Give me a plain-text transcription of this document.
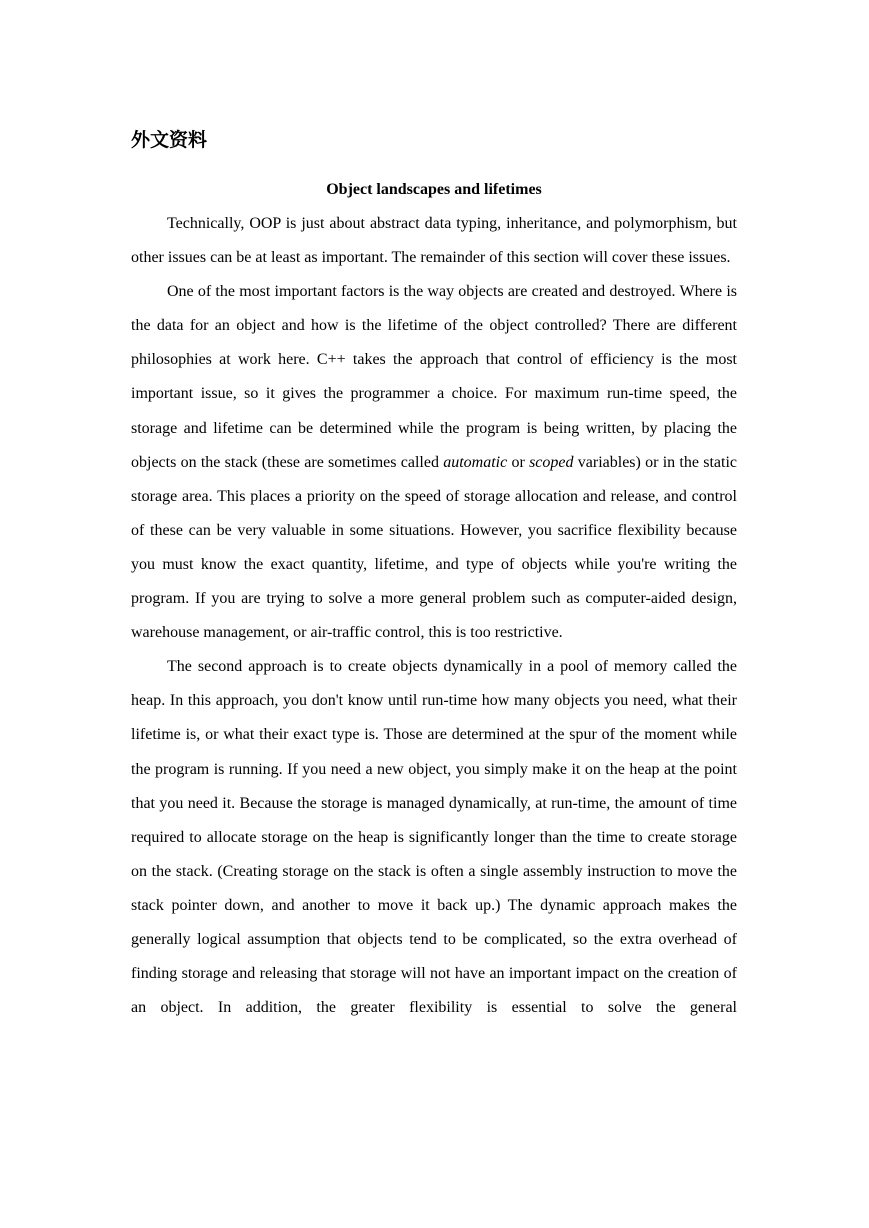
外文资料
Object landscapes and lifetimes

Technically, OOP is just about abstract data typing, inheritance, and polymorphism, but other issues can be at least as important. The remainder of this section will cover these issues.

One of the most important factors is the way objects are created and destroyed. Where is the data for an object and how is the lifetime of the object controlled? There are different philosophies at work here. C++ takes the approach that control of efficiency is the most important issue, so it gives the programmer a choice. For maximum run-time speed, the storage and lifetime can be determined while the program is being written, by placing the objects on the stack (these are sometimes called automatic or scoped variables) or in the static storage area. This places a priority on the speed of storage allocation and release, and control of these can be very valuable in some situations. However, you sacrifice flexibility because you must know the exact quantity, lifetime, and type of objects while you're writing the program. If you are trying to solve a more general problem such as computer-aided design, warehouse management, or air-traffic control, this is too restrictive.

The second approach is to create objects dynamically in a pool of memory called the heap. In this approach, you don't know until run-time how many objects you need, what their lifetime is, or what their exact type is. Those are determined at the spur of the moment while the program is running. If you need a new object, you simply make it on the heap at the point that you need it. Because the storage is managed dynamically, at run-time, the amount of time required to allocate storage on the heap is significantly longer than the time to create storage on the stack. (Creating storage on the stack is often a single assembly instruction to move the stack pointer down, and another to move it back up.) The dynamic approach makes the generally logical assumption that objects tend to be complicated, so the extra overhead of finding storage and releasing that storage will not have an important impact on the creation of an object. In addition, the greater flexibility is essential to solve the general
